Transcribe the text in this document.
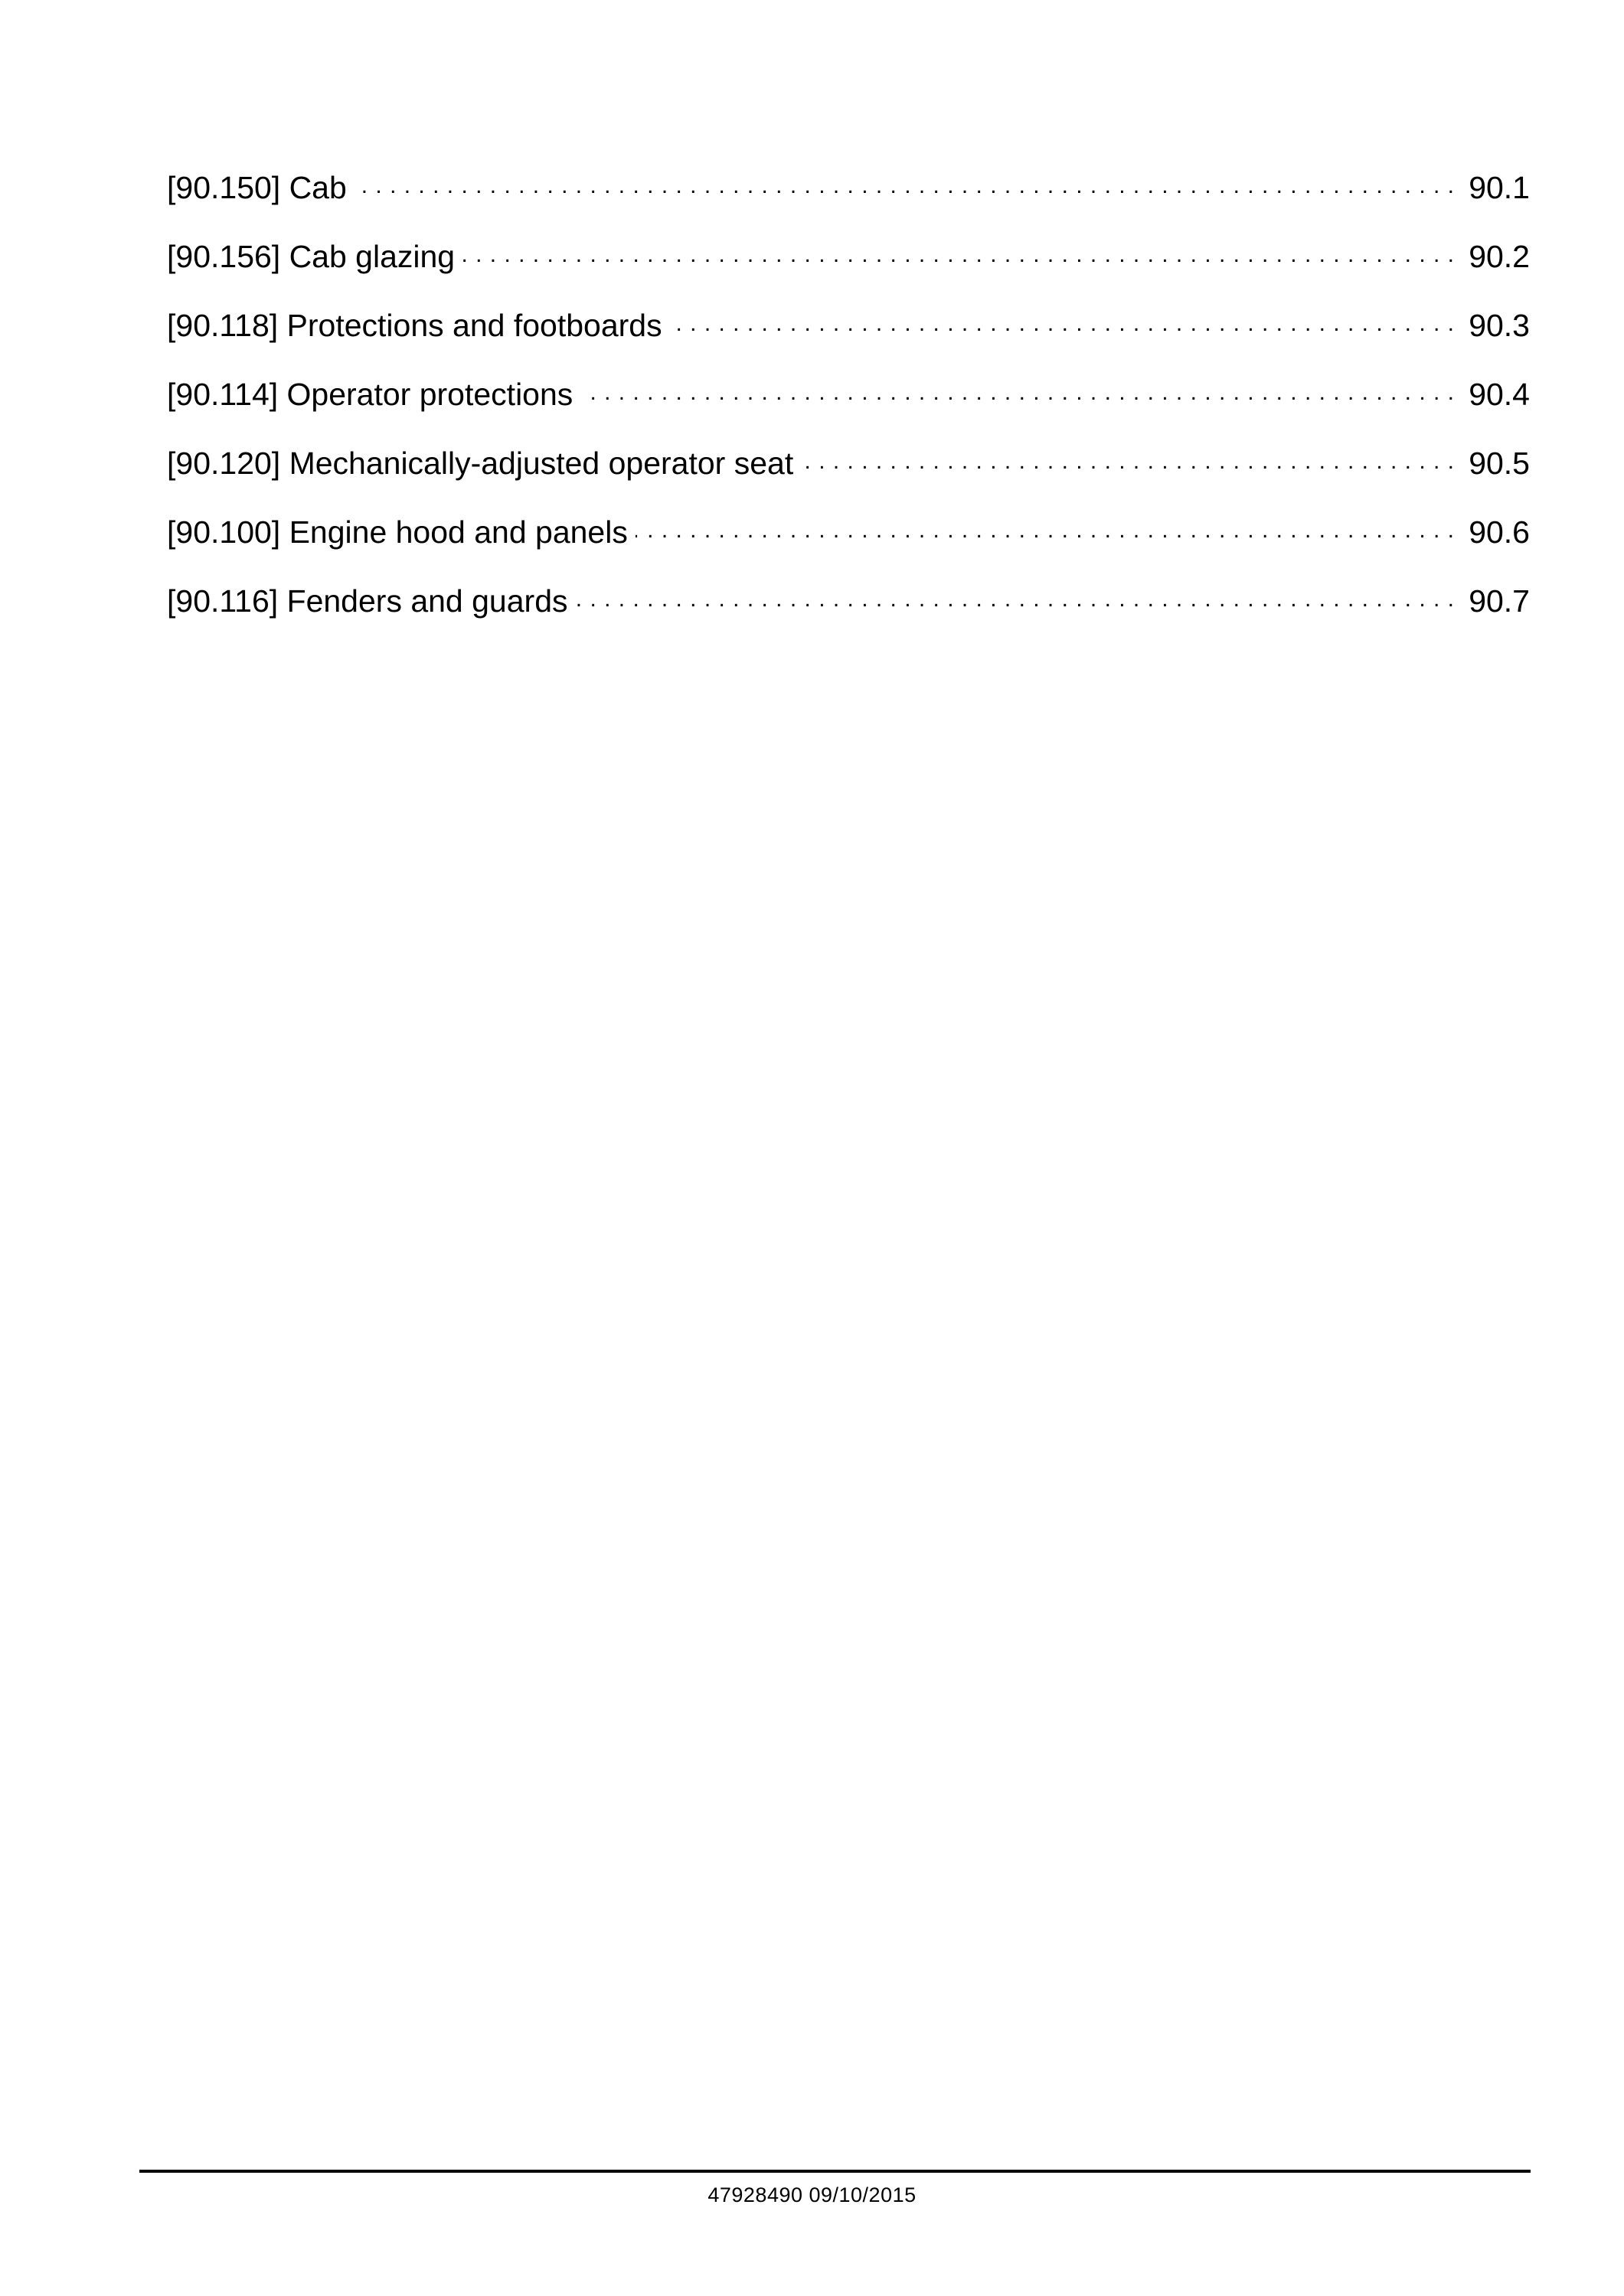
[90.150] Cab . . .	90.1
[90.156] Cab glazing . . .	90.2
[90.118] Protections and footboards . . .	90.3
[90.114] Operator protections . . .	90.4
[90.120] Mechanically-adjusted operator seat . . .	90.5
[90.100] Engine hood and panels . . .	90.6
[90.116] Fenders and guards . . .	90.7
47928490 09/10/2015
